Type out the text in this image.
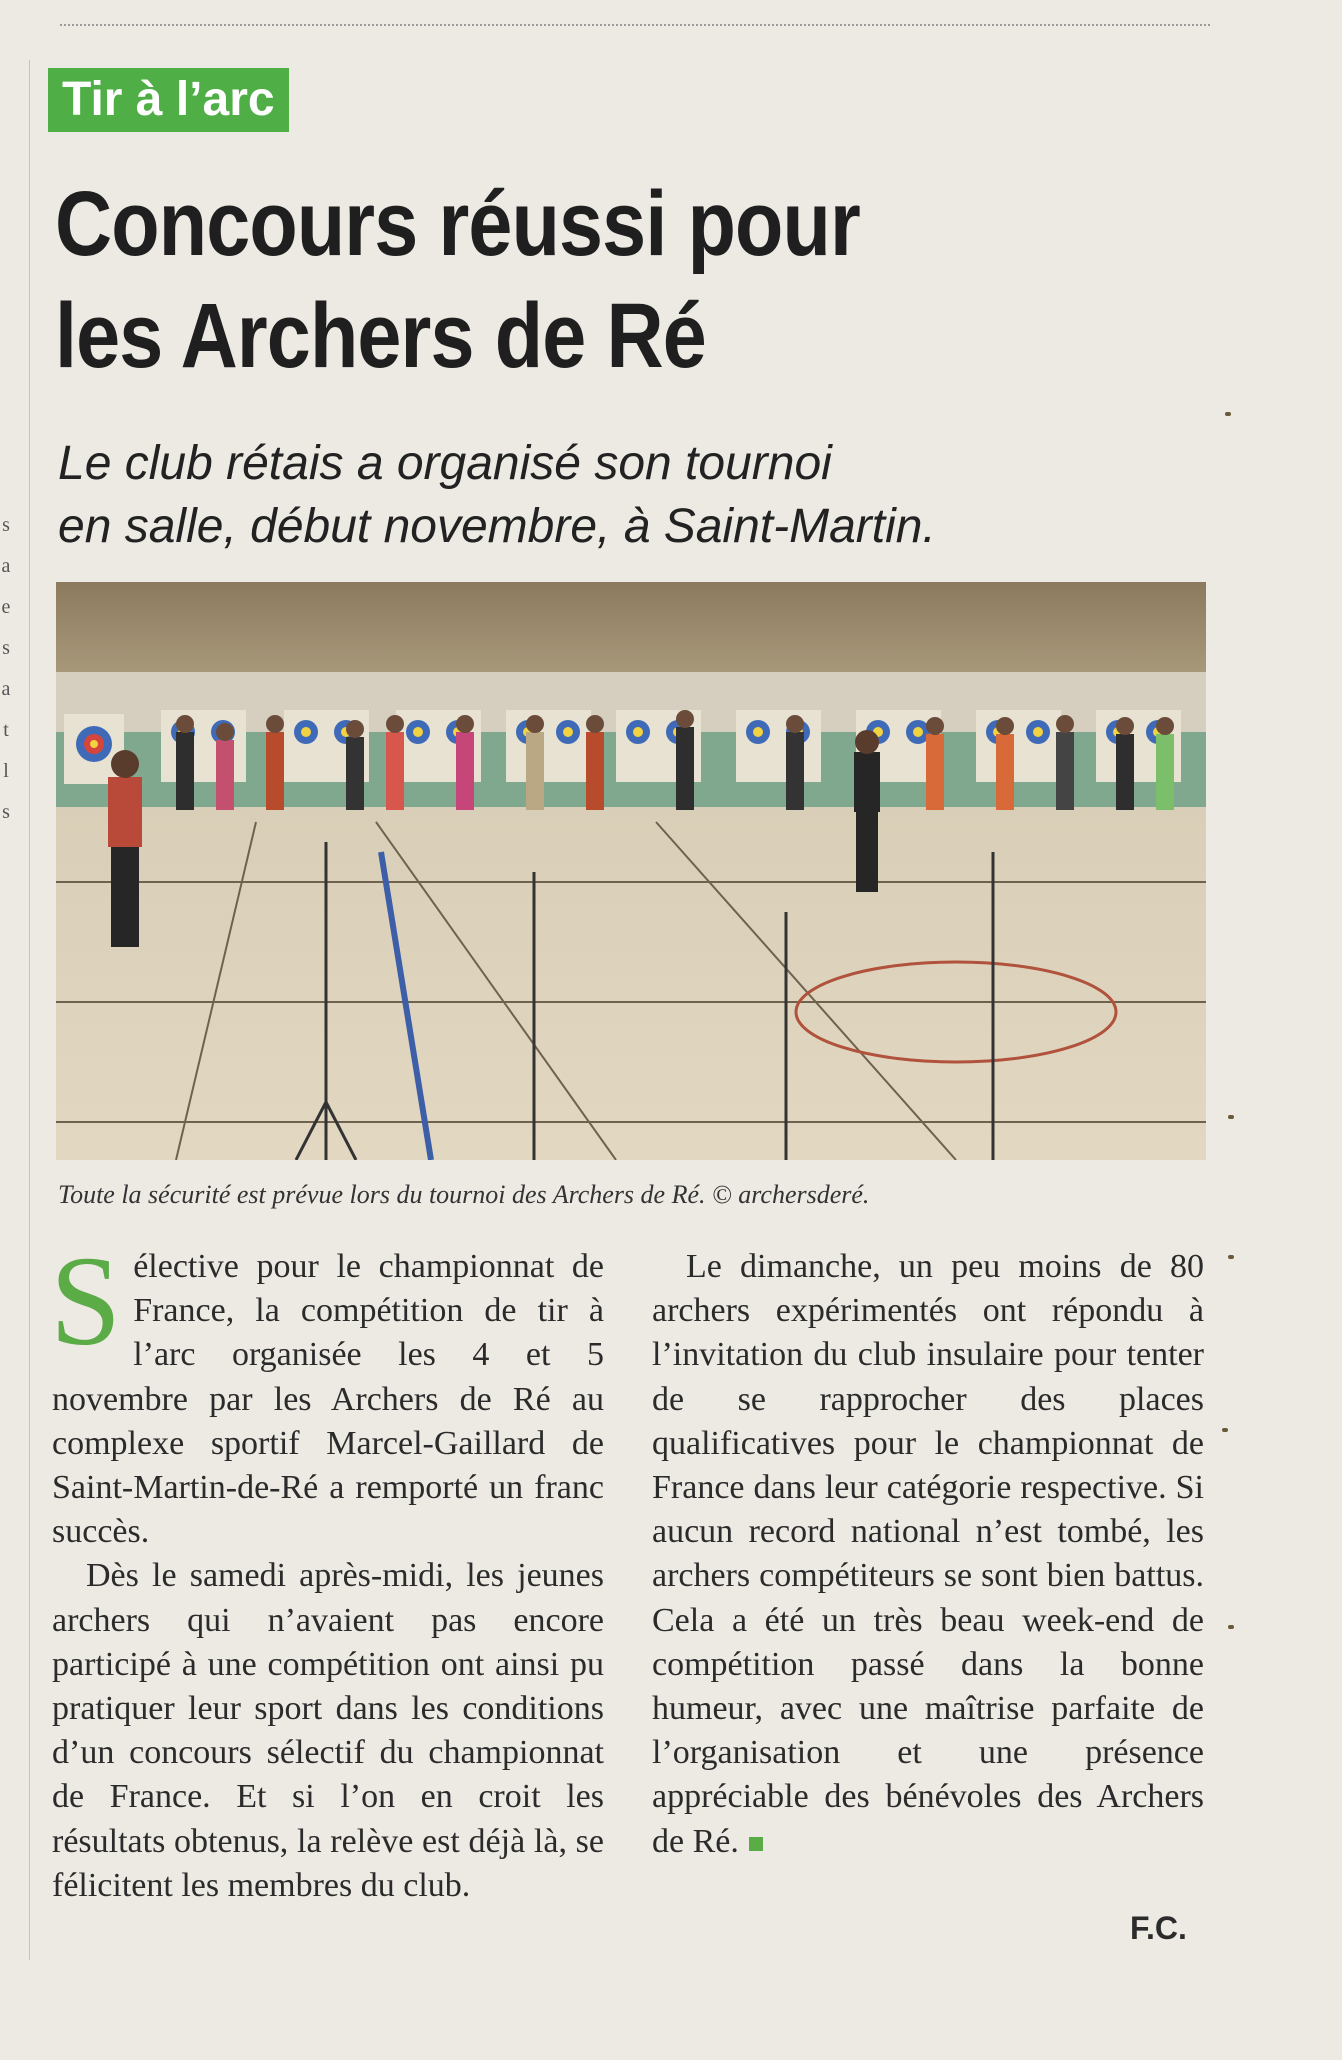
s
a
e
s
a
t
l
s
Tir à l’arc
Concours réussi pour
les Archers de Ré

Le club rétais a organisé son tournoi
en salle, début novembre, à Saint-Martin.

Toute la sécurité est prévue lors du tournoi des Archers de Ré. © archersderé.

Sélective pour le championnat de France, la compétition de tir à l’arc organisée les 4 et 5 novembre par les Archers de Ré au complexe sportif Marcel-Gaillard de Saint-Martin-de-Ré a remporté un franc succès.

Dès le samedi après-midi, les jeunes archers qui n’avaient pas encore participé à une compétition ont ainsi pu pratiquer leur sport dans les conditions d’un concours sélectif du championnat de France. Et si l’on en croit les résultats obtenus, la relève est déjà là, se félicitent les membres du club.

Le dimanche, un peu moins de 80 archers expérimentés ont répondu à l’invitation du club insulaire pour tenter de se rapprocher des places qualificatives pour le championnat de France dans leur catégorie respective. Si aucun record national n’est tombé, les archers compétiteurs se sont bien battus. Cela a été un très beau week-end de compétition passé dans la bonne humeur, avec une maîtrise parfaite de l’organisation et une présence appréciable des bénévoles des Archers de Ré.

F.C.
